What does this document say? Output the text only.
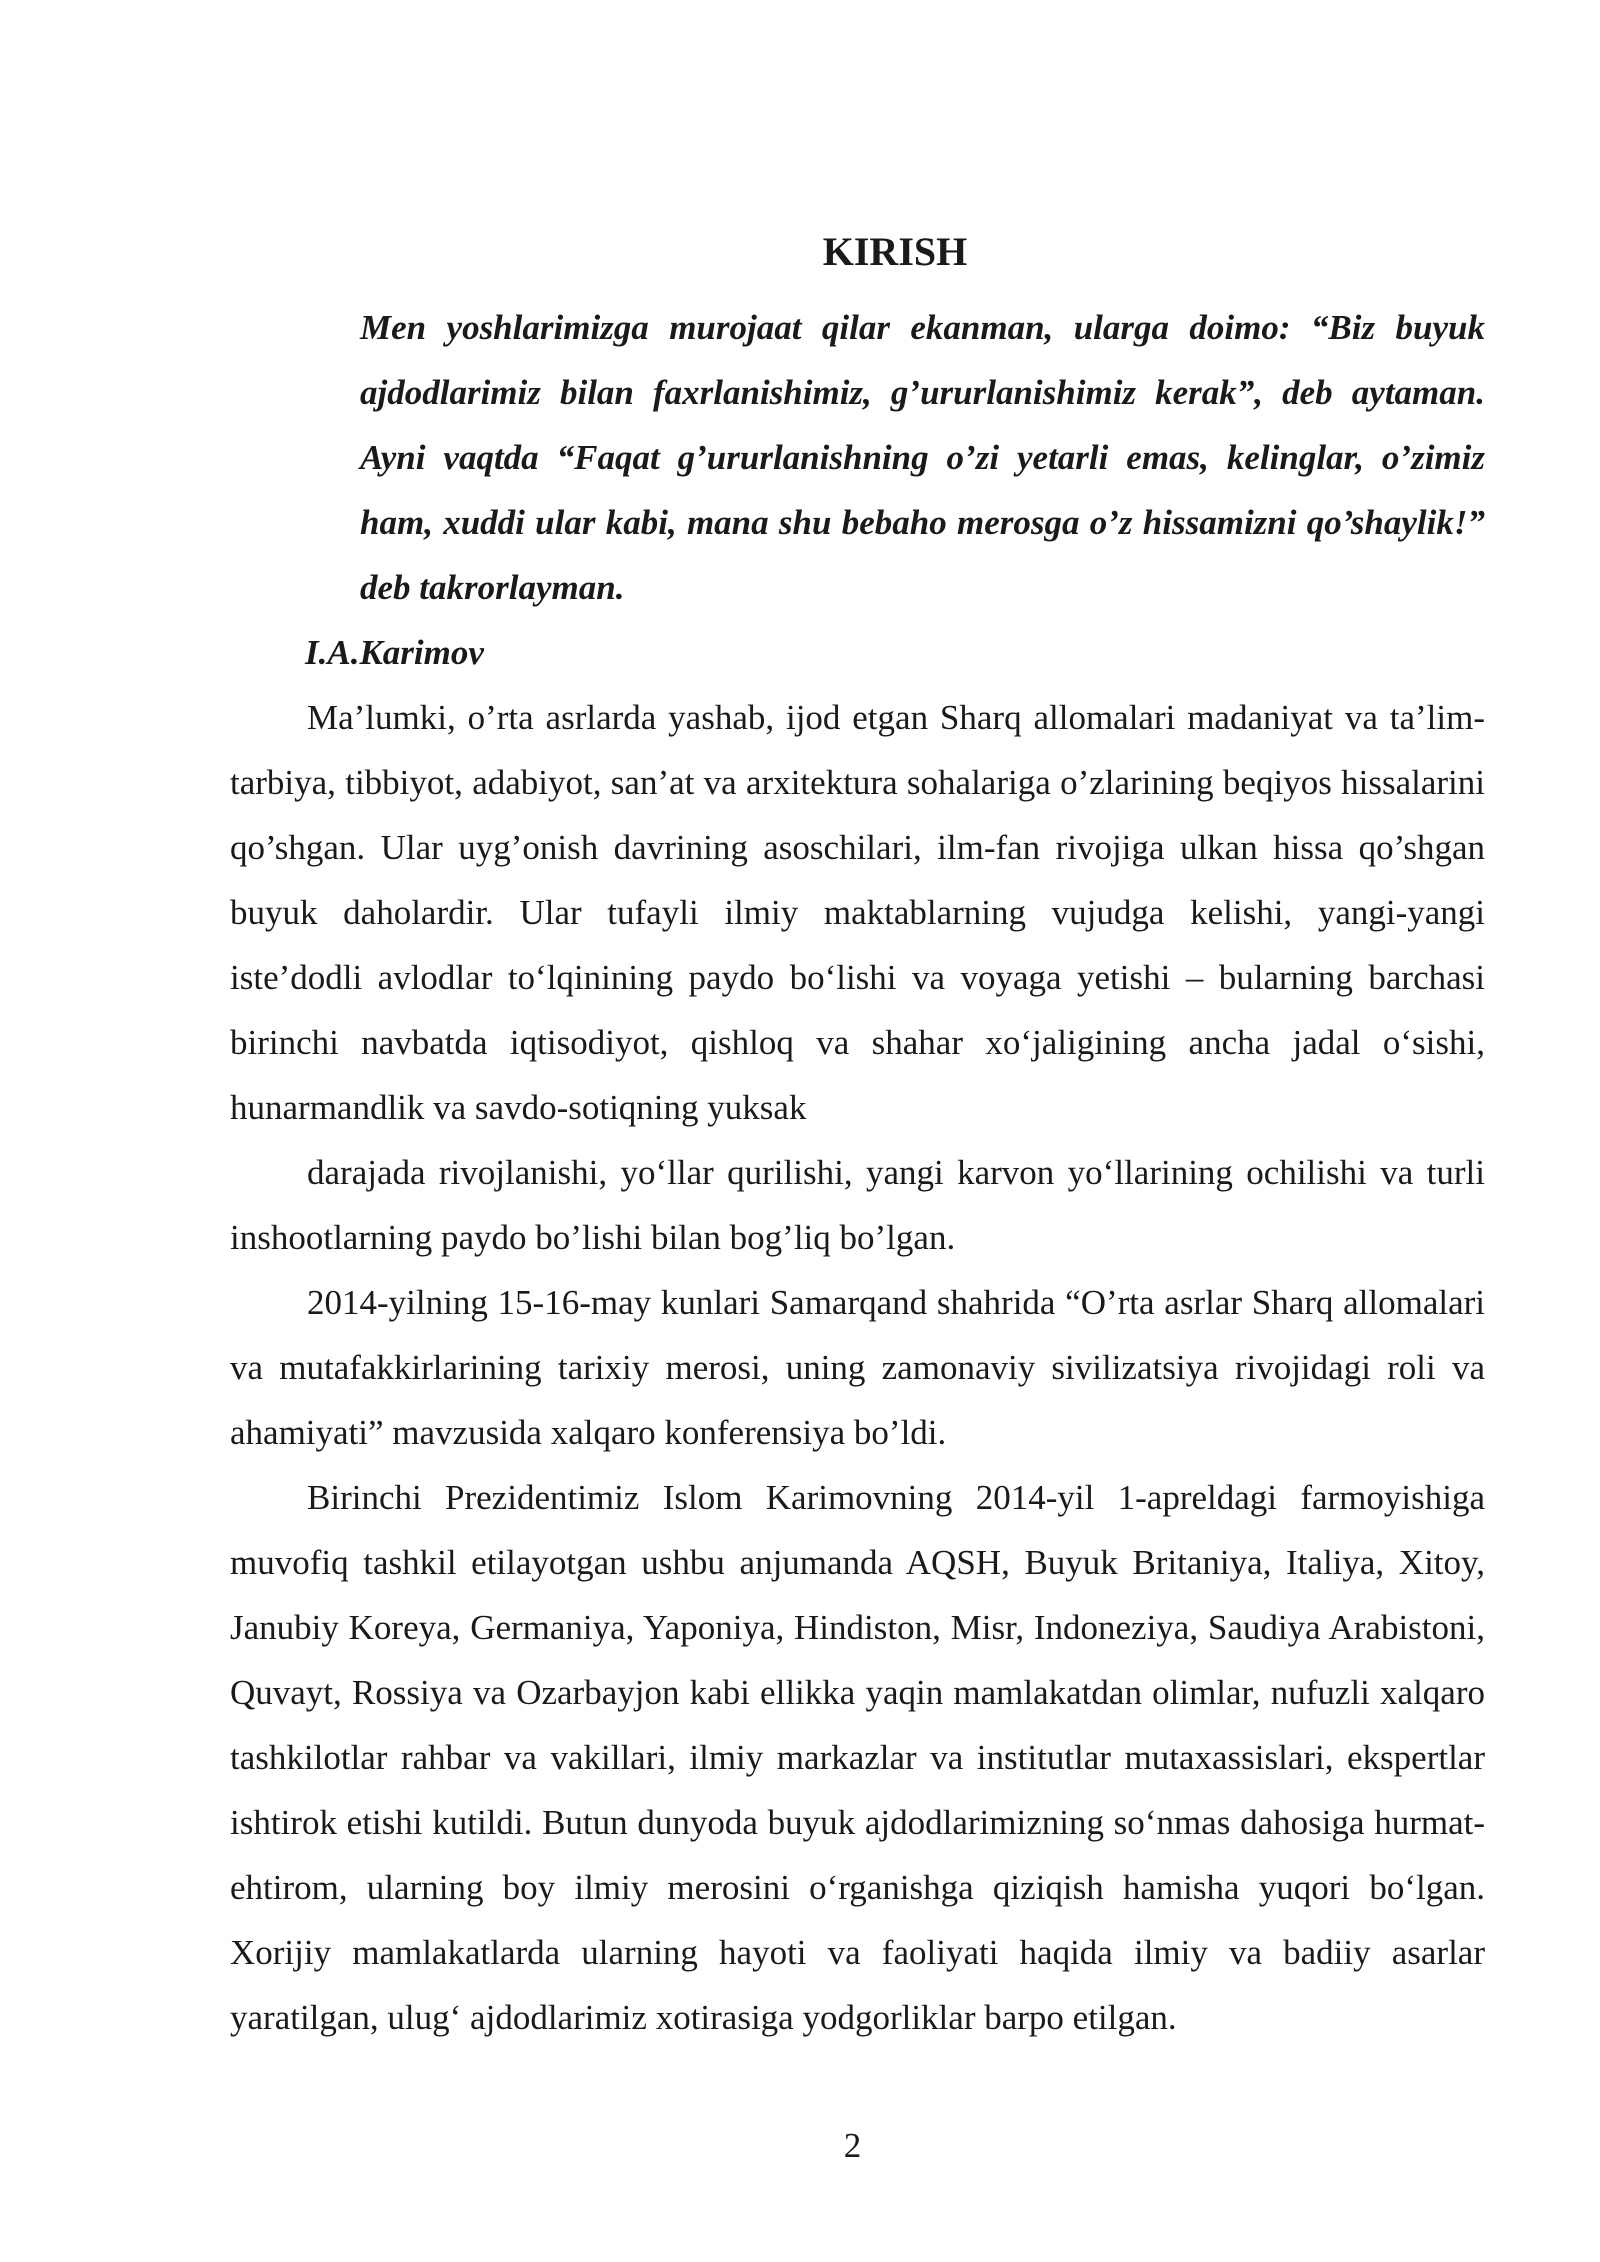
KIRISH
Men yoshlarimizga murojaat qilar ekanman, ularga doimo: “Biz buyuk ajdodlarimiz bilan faxrlanishimiz, g’ururlanishimiz kerak”, deb aytaman. Ayni vaqtda “Faqat g’ururlanishning o’zi yetarli emas, kelinglar, o’zimiz ham, xuddi ular kabi, mana shu bebaho merosga o’z hissamizni qo’shaylik!” deb takrorlayman.
I.A.Karimov

Ma’lumki, o’rta asrlarda yashab, ijod etgan Sharq allomalari madaniyat va ta’lim-tarbiya, tibbiyot, adabiyot, san’at va arxitektura sohalariga o’zlarining beqiyos hissalarini qo’shgan. Ular uyg’onish davrining asoschilari, ilm-fan rivojiga ulkan hissa qo’shgan buyuk daholardir. Ular tufayli ilmiy maktablarning vujudga kelishi, yangi-yangi iste’dodli avlodlar to‘lqinining paydo bo‘lishi va voyaga yetishi – bularning barchasi birinchi navbatda iqtisodiyot, qishloq va shahar xo‘jaligining ancha jadal o‘sishi, hunarmandlik va savdo-sotiqning yuksak

darajada rivojlanishi, yo‘llar qurilishi, yangi karvon yo‘llarining ochilishi va turli inshootlarning paydo bo’lishi bilan bog’liq bo’lgan.

2014-yilning 15-16-may kunlari Samarqand shahrida “O’rta asrlar Sharq allomalari va mutafakkirlarining tarixiy merosi, uning zamonaviy sivilizatsiya rivojidagi roli va ahamiyati” mavzusida xalqaro konferensiya bo’ldi.

Birinchi Prezidentimiz Islom Karimovning 2014-yil 1-apreldagi farmoyishiga muvofiq tashkil etilayotgan ushbu anjumanda AQSH, Buyuk Britaniya, Italiya, Xitoy, Janubiy Koreya, Germaniya, Yaponiya, Hindiston, Misr, Indoneziya, Saudiya Arabistoni, Quvayt, Rossiya va Ozarbayjon kabi ellikka yaqin mamlakatdan olimlar, nufuzli xalqaro tashkilotlar rahbar va vakillari, ilmiy markazlar va institutlar mutaxassislari, ekspertlar ishtirok etishi kutildi. Butun dunyoda buyuk ajdodlarimizning so‘nmas dahosiga hurmat-ehtirom, ularning boy ilmiy merosini o‘rganishga qiziqish hamisha yuqori bo‘lgan. Xorijiy mamlakatlarda ularning hayoti va faoliyati haqida ilmiy va badiiy asarlar yaratilgan, ulug‘ ajdodlarimiz xotirasiga yodgorliklar barpo etilgan.

2
